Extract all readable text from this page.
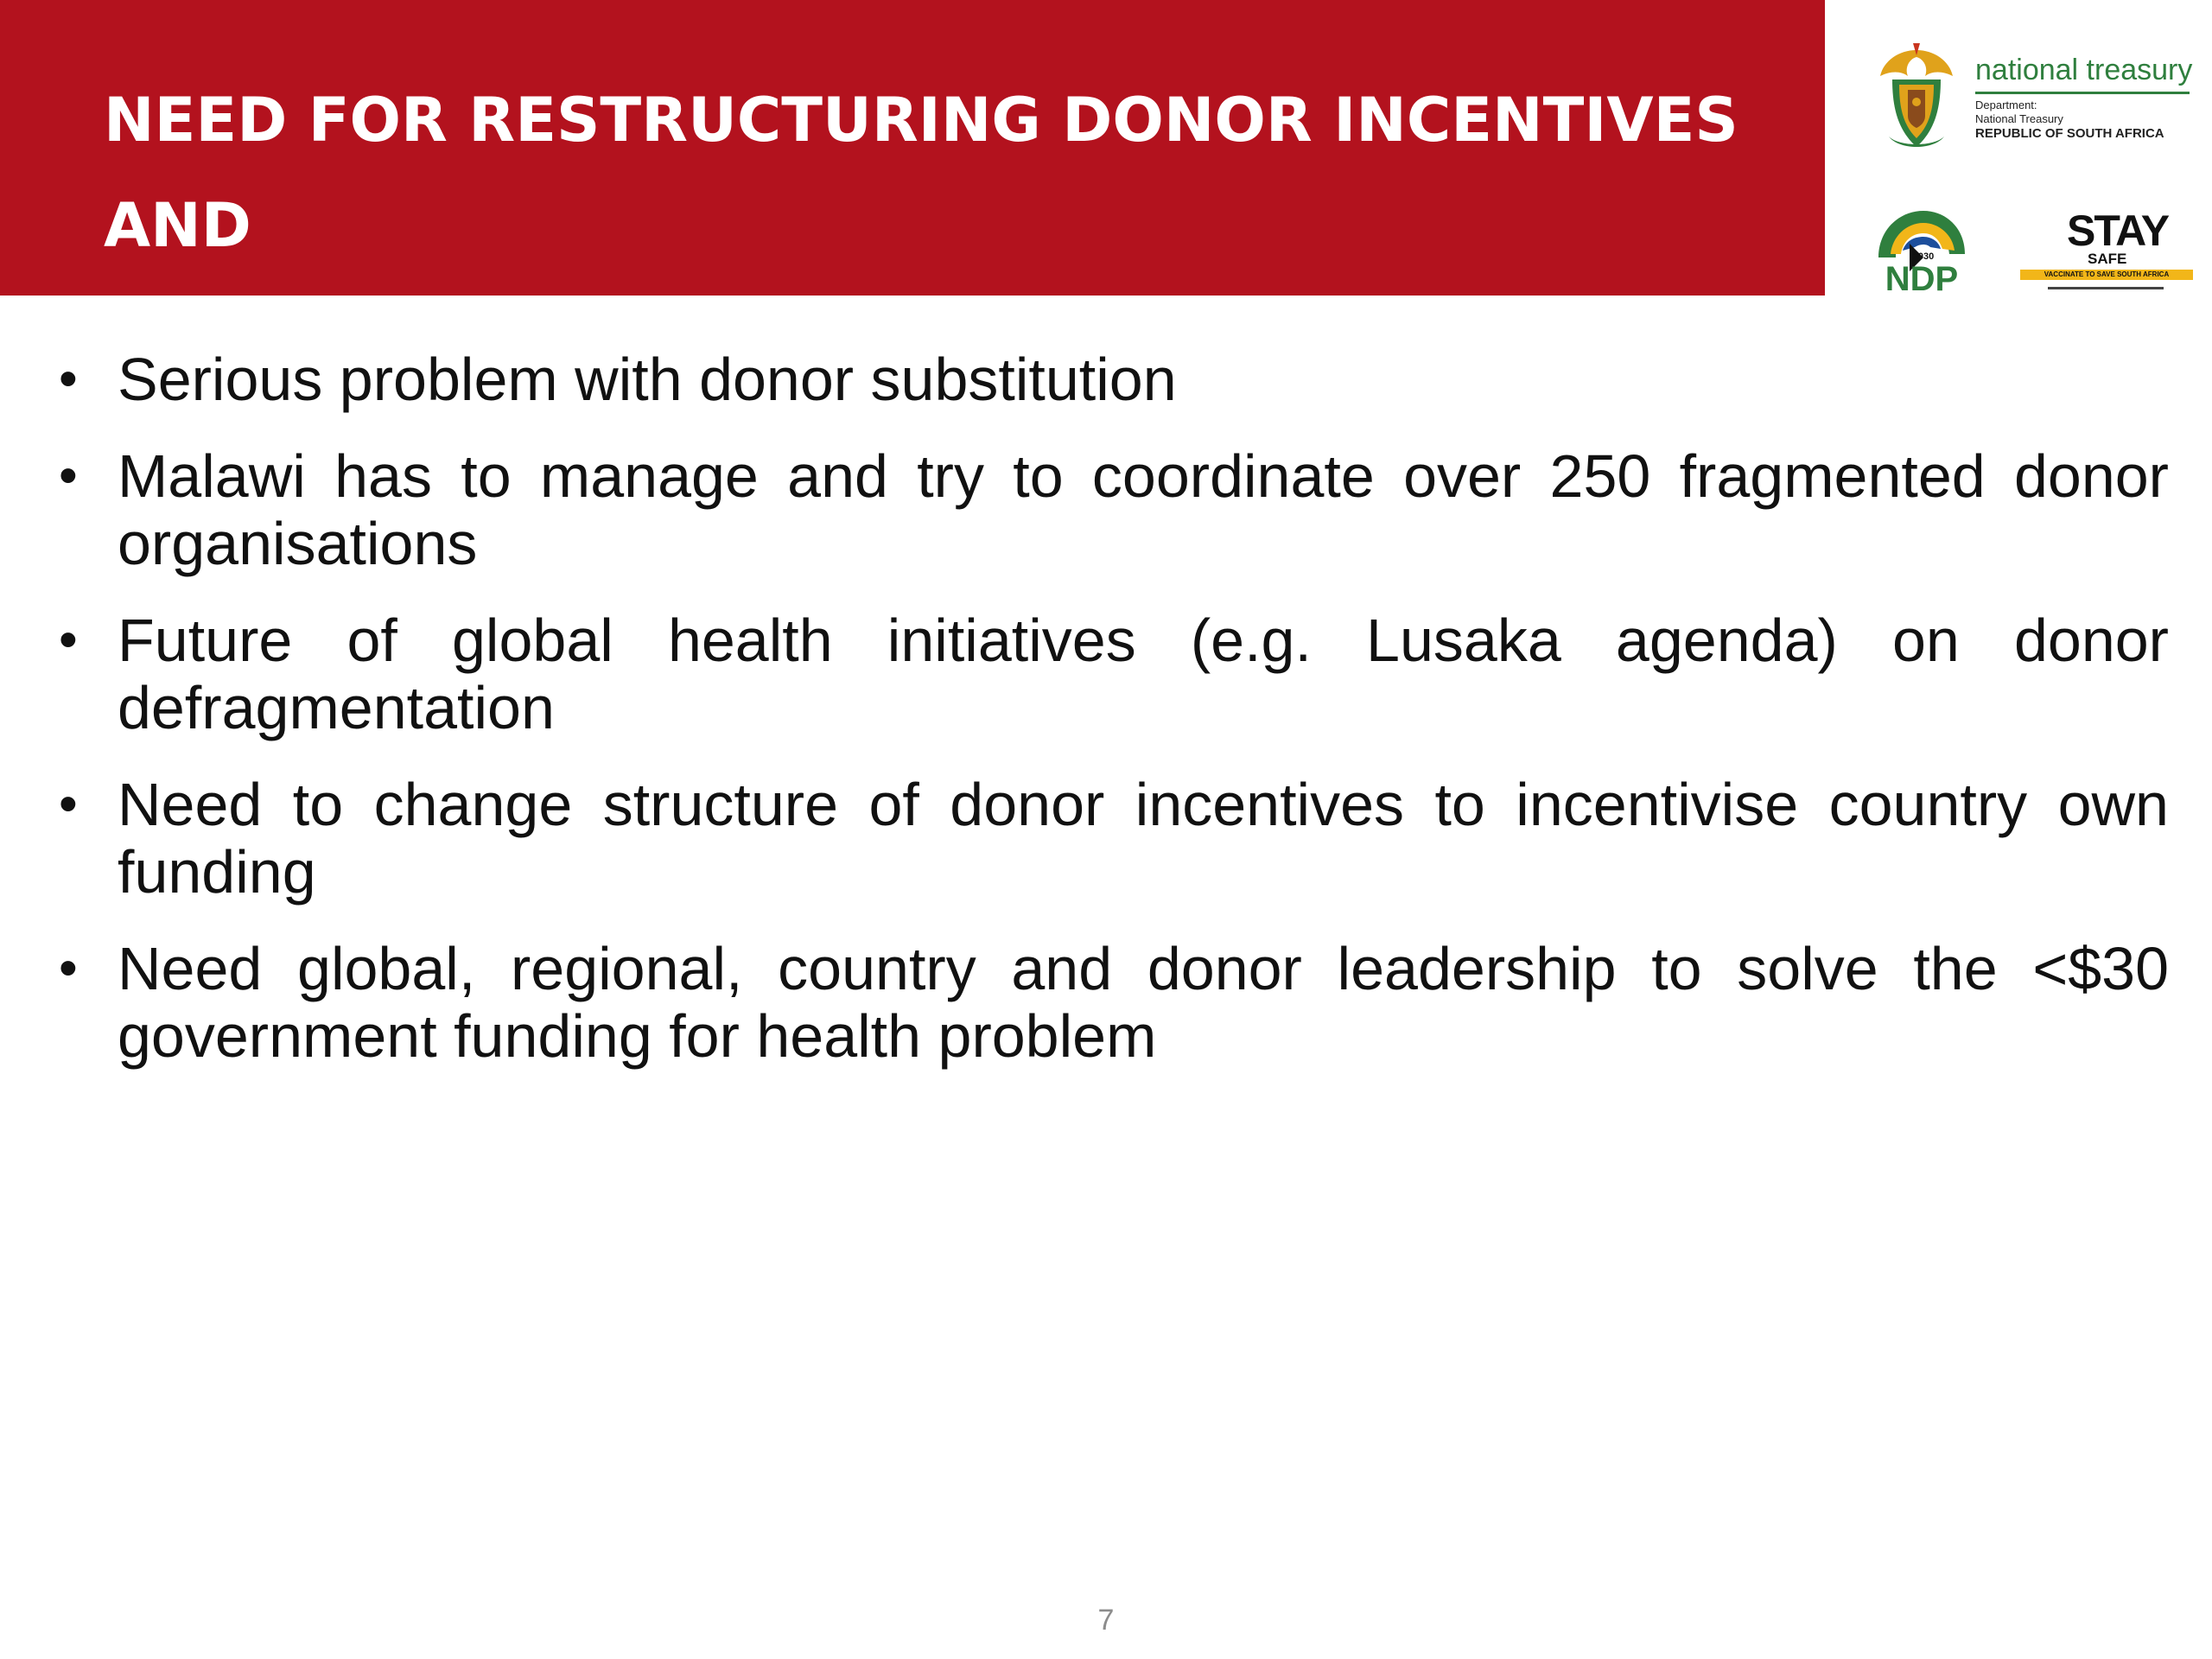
NEED FOR RESTRUCTURING DONOR INCENTIVES AND
REDUCING FRAGMENTATION
national treasury
Department:
National Treasury
REPUBLIC OF SOUTH AFRICA
2030
NDP
STAY
SAFE
VACCINATE TO SAVE SOUTH AFRICA
• Serious problem with donor substitution
• Malawi has to manage and try to coordinate over 250 fragmented donor organisations
• Future of global health initiatives (e.g. Lusaka agenda) on donor defragmentation
• Need to change structure of donor incentives to incentivise country own funding
• Need global, regional, country and donor leadership to solve the <$30 government funding for health problem
7
